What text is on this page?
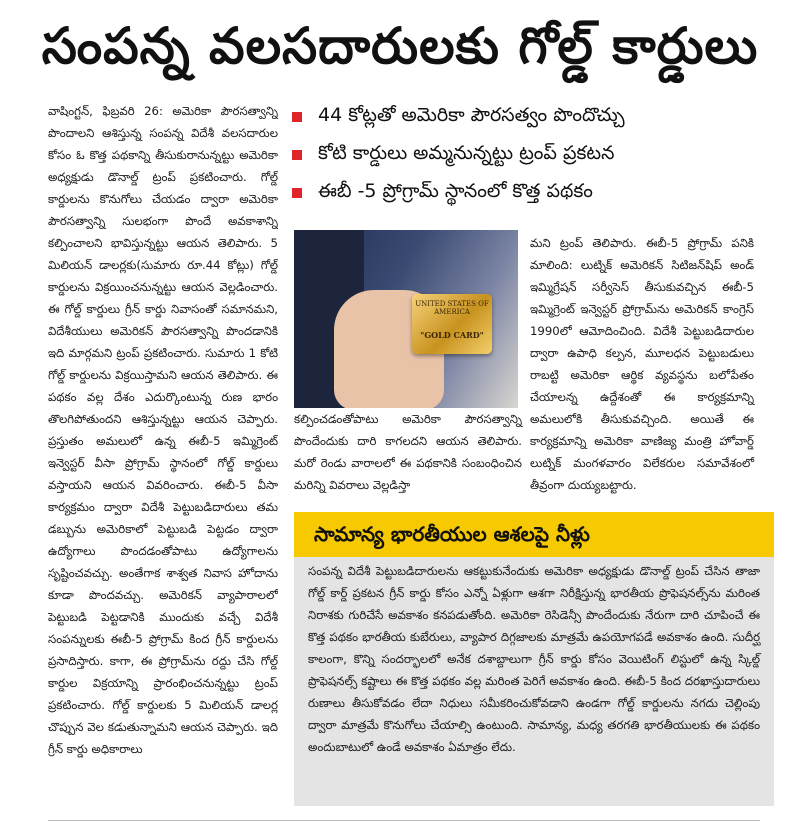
సంపన్న వలసదారులకు గోల్డ్‌ కార్డులు
వాషింగ్టన్‌, ఫిబ్రవరి 26: అమెరికా పౌరసత్వాన్ని పొందాలని ఆశిస్తున్న సంపన్న విదేశీ వలసదారుల కోసం ఓ కొత్త పథకాన్ని తీసుకురానున్నట్టు అమెరికా అధ్యక్షుడు డొనాల్డ్‌ ట్రంప్‌ ప్రకటించారు. గోల్డ్‌ కార్డులను కొనుగోలు చేయడం ద్వారా అమెరికా పౌరసత్వాన్ని సులభంగా పొందే అవకాశాన్ని కల్పించాలని భావిస్తున్నట్టు ఆయన తెలిపారు. 5 మిలియన్‌ డాలర్లకు(సుమారు రూ.44 కోట్లు) గోల్డ్‌ కార్డులను విక్రయించనున్నట్టు ఆయన వెల్లడించారు. ఈ గోల్డ్‌ కార్డులు గ్రీన్‌ కార్డు నివాసంతో సమానమని, విదేశీయులు అమెరికన్‌ పౌరసత్వాన్ని పొందడానికి ఇది మార్గమని ట్రంప్‌ ప్రకటించారు. సుమారు 1 కోటి గోల్డ్‌ కార్డులను విక్రయిస్తామని ఆయన తెలిపారు. ఈ పథకం వల్ల దేశం ఎదుర్కొంటున్న రుణ భారం తొలగిపోతుందని ఆశిస్తున్నట్టు ఆయన చెప్పారు. ప్రస్తుతం అమలులో ఉన్న ఈబీ-5 ఇమ్మిగ్రెంట్‌ ఇన్వెస్టర్‌ వీసా ప్రోగ్రామ్‌ స్థానంలో గోల్డ్‌ కార్డులు వస్తాయని ఆయన వివరించారు. ఈబీ-5 వీసా కార్యక్రమం ద్వారా విదేశీ పెట్టుబడిదారులు తమ డబ్బును అమెరికాలో పెట్టుబడి పెట్టడం ద్వారా ఉద్యోగాలు పొందడంతోపాటు ఉద్యోగాలను సృష్టించవచ్చు. అంతేగాక శాశ్వత నివాస హోదాను కూడా పొందవచ్చు. అమెరికన్‌ వ్యాపారాలలో పెట్టుబడి పెట్టడానికి ముందుకు వచ్చే విదేశీ సంపన్నులకు ఈబీ-5 ప్రోగ్రామ్‌ కింద గ్రీన్‌ కార్డులను ప్రసాదిస్తారు. కాగా, ఈ ప్రోగ్రామ్‌ను రద్దు చేసి గోల్డ్‌ కార్డుల విక్రయాన్ని ప్రారంభించనున్నట్టు ట్రంప్‌ ప్రకటించారు. గోల్డ్‌ కార్డులకు 5 మిలియన్‌ డాలర్ల చొప్పున వెల కడుతున్నామని ఆయన చెప్పారు. ఇది గ్రీన్‌ కార్డు అధికారాలు
44 కోట్లతో అమెరికా పౌరసత్వం పొందొచ్చు
కోటి కార్డులు అమ్మనున్నట్టు ట్రంప్‌ ప్రకటన
ఈబీ -5 ప్రోగ్రామ్‌ స్థానంలో కొత్త పథకం
UNITED STATES OF AMERICA
"GOLD CARD"
కల్పించడంతోపాటు అమెరికా పౌరసత్వాన్ని పొందేందుకు దారి కాగలదని ఆయన తెలిపారు. మరో రెండు వారాలలో ఈ పథకానికి సంబంధించిన మరిన్ని వివరాలు వెల్లడిస్తా
మని ట్రంప్‌ తెలిపారు. ఈబీ-5 ప్రోగ్రామ్‌ పనికి మాలింది: లుట్నిక్‌ అమెరికన్‌ సిటిజన్‌షిప్‌ అండ్‌ ఇమ్మిగ్రేషన్‌ సర్వీసెస్‌ తీసుకువచ్చిన ఈబీ-5 ఇమ్మిగ్రెంట్‌ ఇన్వెస్టర్‌ ప్రోగ్రామ్‌ను అమెరికన్‌ కాంగ్రెస్‌ 1990లో ఆమోదించింది. విదేశీ పెట్టుబడిదారుల ద్వారా ఉపాధి కల్పన, మూలధన పెట్టుబడులు రాబట్టి అమెరికా ఆర్థిక వ్యవస్థను బలోపేతం చేయాలన్న ఉద్దేశంతో ఈ కార్యక్రమాన్ని అమలులోకి తీసుకువచ్చింది. అయితే ఈ కార్యక్రమాన్ని అమెరికా వాణిజ్య మంత్రి హోవార్డ్‌ లుట్నిక్‌ మంగళవారం విలేకరుల సమావేశంలో తీవ్రంగా దుయ్యబట్టారు.
సామాన్య భారతీయుల ఆశలపై నీళ్లు
సంపన్న విదేశీ పెట్టుబడిదారులను ఆకట్టుకునేందుకు అమెరికా అధ్యక్షుడు డొనాల్డ్‌ ట్రంప్‌ చేసిన తాజా గోల్డ్‌ కార్డ్‌ ప్రకటన గ్రీన్‌ కార్డు కోసం ఎన్నో ఏళ్లుగా ఆశగా నిరీక్షిస్తున్న భారతీయ ప్రొఫెషనల్స్‌ను మరింత నిరాశకు గురిచేసే అవకాశం కనపడుతోంది. అమెరికా రెసిడెన్సీ పొందేందుకు నేరుగా దారి చూపించే ఈ కొత్త పథకం భారతీయ కుబేరులు, వ్యాపార దిగ్గజాలకు మాత్రమే ఉపయోగపడే అవకాశం ఉంది. సుదీర్ఘ కాలంగా, కొన్ని సందర్భాలలో అనేక దశాబ్దాలుగా గ్రీన్‌ కార్డు కోసం వెయిటింగ్‌ లిస్టులో ఉన్న స్కిల్డ్‌ ప్రొఫెషనల్స్‌ కష్టాలు ఈ కొత్త పథకం వల్ల మరింత పెరిగే అవకాశం ఉంది. ఈబీ-5 కింద దరఖాస్తుదారులు రుణాలు తీసుకోవడం లేదా నిధులు సమీకరించుకోవడాని ఉండగా గోల్డ్‌ కార్డులను నగదు చెల్లింపు ద్వారా మాత్రమే కొనుగోలు చేయాల్సి ఉంటుంది. సామాన్య, మధ్య తరగతి భారతీయులకు ఈ పథకం అందుబాటులో ఉండే అవకాశం ఏమాత్రం లేదు.
